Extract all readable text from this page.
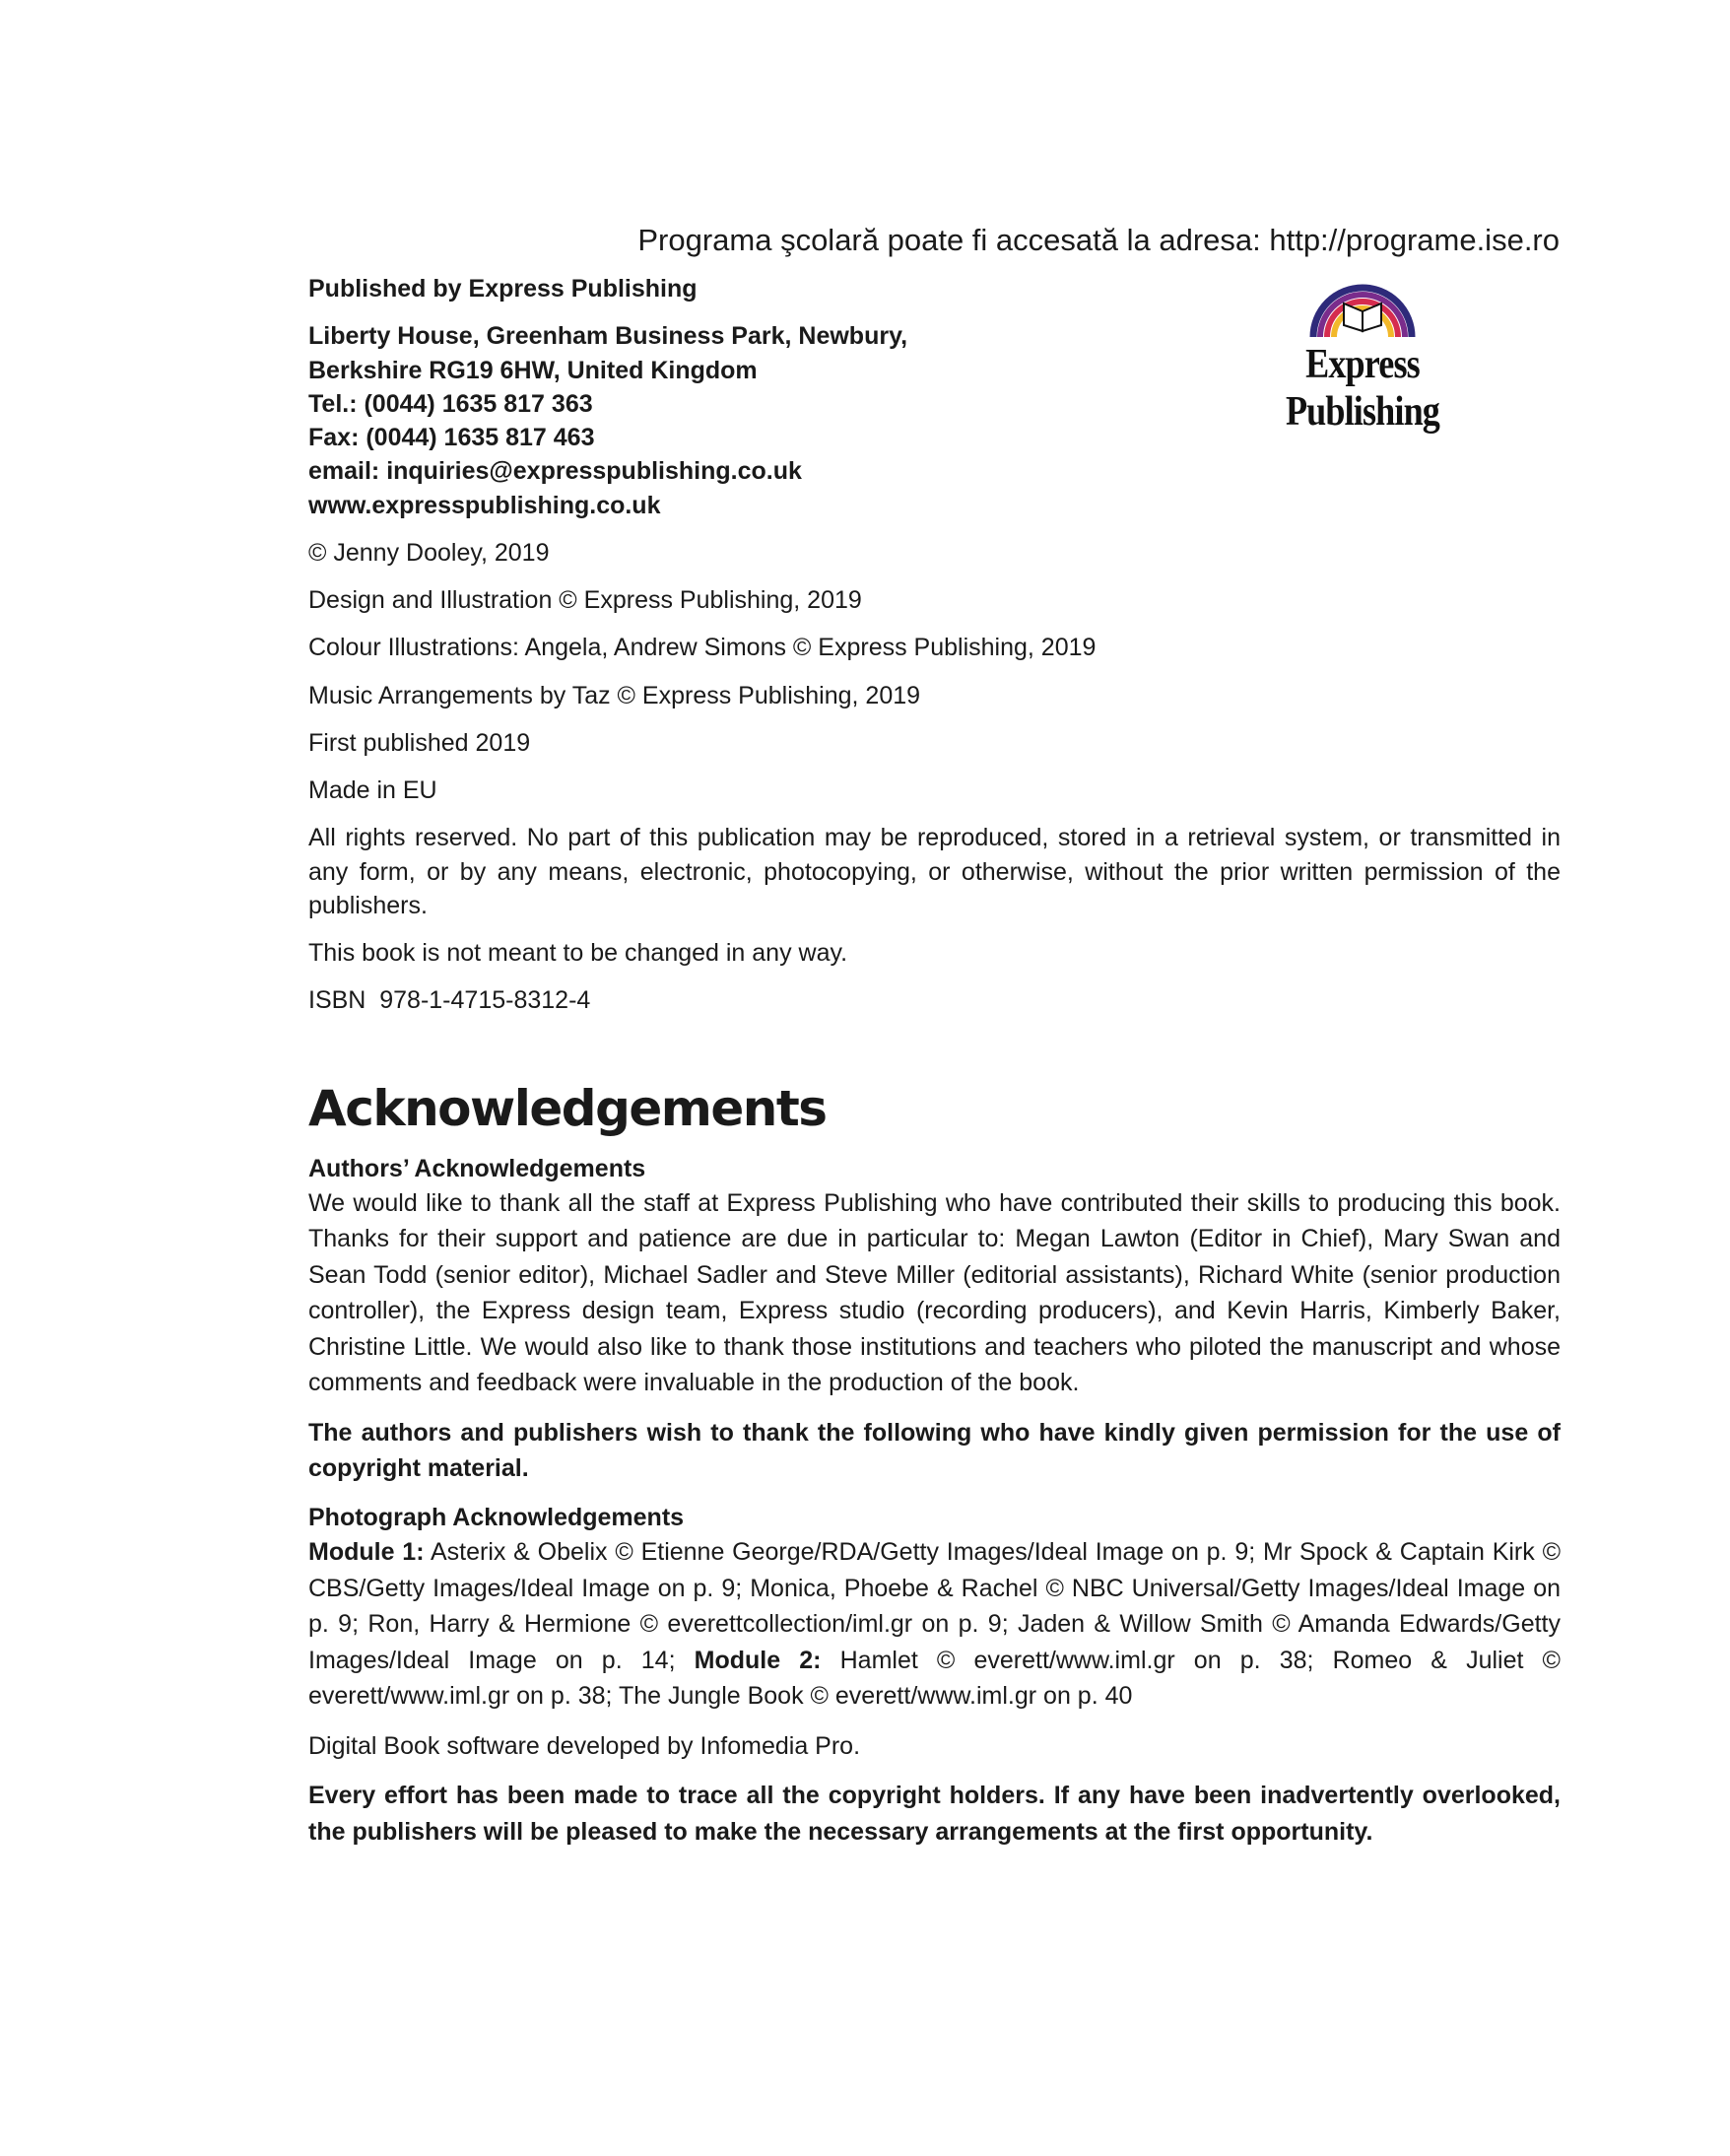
Programa şcolară poate fi accesată la adresa: http://programe.ise.ro
Express Publishing
Published by Express Publishing
Liberty House, Greenham Business Park, Newbury,
Berkshire RG19 6HW, United Kingdom
Tel.: (0044) 1635 817 363
Fax: (0044) 1635 817 463
email: inquiries@expresspublishing.co.uk
www.expresspublishing.co.uk
© Jenny Dooley, 2019
Design and Illustration © Express Publishing, 2019
Colour Illustrations: Angela, Andrew Simons © Express Publishing, 2019
Music Arrangements by Taz © Express Publishing, 2019
First published 2019
Made in EU
All rights reserved. No part of this publication may be reproduced, stored in a retrieval system, or transmitted in any form, or by any means, electronic, photocopying, or otherwise, without the prior written permission of the publishers.
This book is not meant to be changed in any way.
ISBN  978-1-4715-8312-4
Acknowledgements
Authors’ Acknowledgements
We would like to thank all the staff at Express Publishing who have contributed their skills to producing this book. Thanks for their support and patience are due in particular to: Megan Lawton (Editor in Chief), Mary Swan and Sean Todd (senior editor), Michael Sadler and Steve Miller (editorial assistants), Richard White (senior production controller), the Express design team, Express studio (recording producers), and Kevin Harris, Kimberly Baker, Christine Little. We would also like to thank those institutions and teachers who piloted the manuscript and whose comments and feedback were invaluable in the production of the book.
The authors and publishers wish to thank the following who have kindly given permission for the use of copyright material.
Photograph Acknowledgements
Module 1: Asterix & Obelix © Etienne George/RDA/Getty Images/Ideal Image on p. 9; Mr Spock & Captain Kirk © CBS/Getty Images/Ideal Image on p. 9; Monica, Phoebe & Rachel © NBC Universal/Getty Images/Ideal Image on p. 9; Ron, Harry & Hermione © everettcollection/iml.gr on p. 9; Jaden & Willow Smith © Amanda Edwards/Getty Images/Ideal Image on p. 14; Module 2: Hamlet © everett/www.iml.gr on p. 38; Romeo & Juliet © everett/www.iml.gr on p. 38; The Jungle Book © everett/www.iml.gr on p. 40
Digital Book software developed by Infomedia Pro.
Every effort has been made to trace all the copyright holders. If any have been inadvertently overlooked, the publishers will be pleased to make the necessary arrangements at the first opportunity.
